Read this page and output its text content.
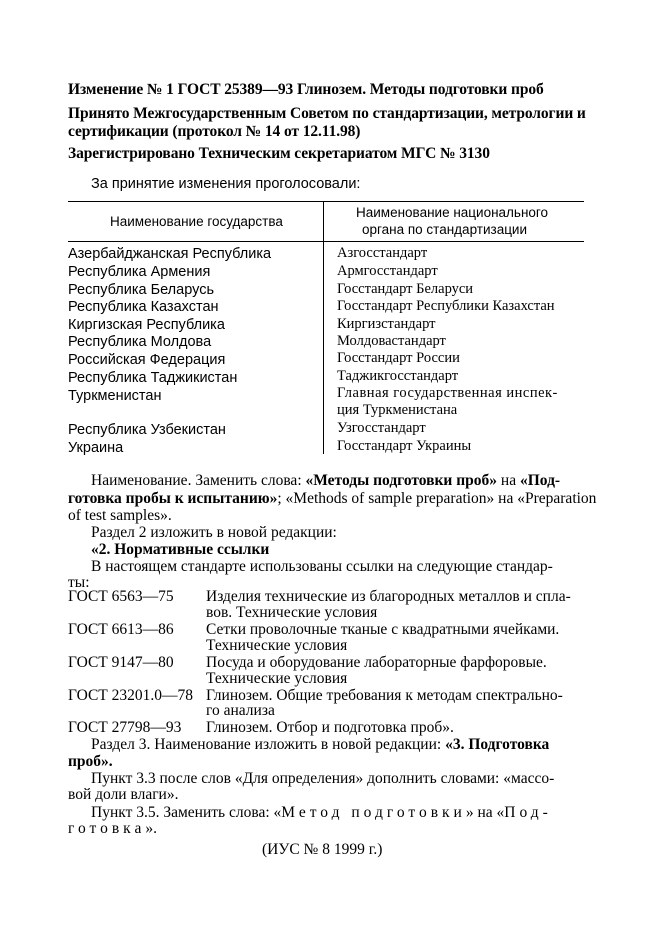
Изменение № 1 ГОСТ 25389—93 Глинозем. Методы подготовки проб
Принято Межгосударственным Советом по стандартизации, метрологии и
сертификации (протокол № 14 от 12.11.98)
Зарегистрировано Техническим секретариатом МГС № 3130
За принятие изменения проголосовали:
Наименование государства
Наименование национального
органа по стандартизации
Азербайджанская Республика	Азгосстандарт
Республика Армения	Армгосстандарт
Республика Беларусь	Госстандарт Беларуси
Республика Казахстан	Госстандарт Республики Казахстан
Киргизская Республика	Киргизстандарт
Республика Молдова	Молдовастандарт
Российская Федерация	Госстандарт России
Республика Таджикистан	Таджикгосстандарт
Туркменистан	Главная государственная инспек-
ция Туркменистана
Республика Узбекистан	Узгосстандарт
Украина	Госстандарт Украины
Наименование. Заменить слова: «Методы подготовки проб» на «Под-
готовка пробы к испытанию»; «Methods of sample preparation» на «Preparation
of test samples».
Раздел 2 изложить в новой редакции:
«2. Нормативные ссылки
В настоящем стандарте использованы ссылки на следующие стандар-
ты:
ГОСТ 6563—75 Изделия технические из благородных металлов и спла-
вов. Технические условия
ГОСТ 6613—86 Сетки проволочные тканые с квадратными ячейками.
Технические условия
ГОСТ 9147—80 Посуда и оборудование лабораторные фарфоровые.
Технические условия
ГОСТ 23201.0—78 Глинозем. Общие требования к методам спектрально-
го анализа
ГОСТ 27798—93 Глинозем. Отбор и подготовка проб».
Раздел 3. Наименование изложить в новой редакции: «3. Подготовка
проб».
Пункт 3.3 после слов «Для определения» дополнить словами: «массо-
вой доли влаги».
Пункт 3.5. Заменить слова: «Метод подготовки» на «Под-
готовка».
(ИУС № 8 1999 г.)
